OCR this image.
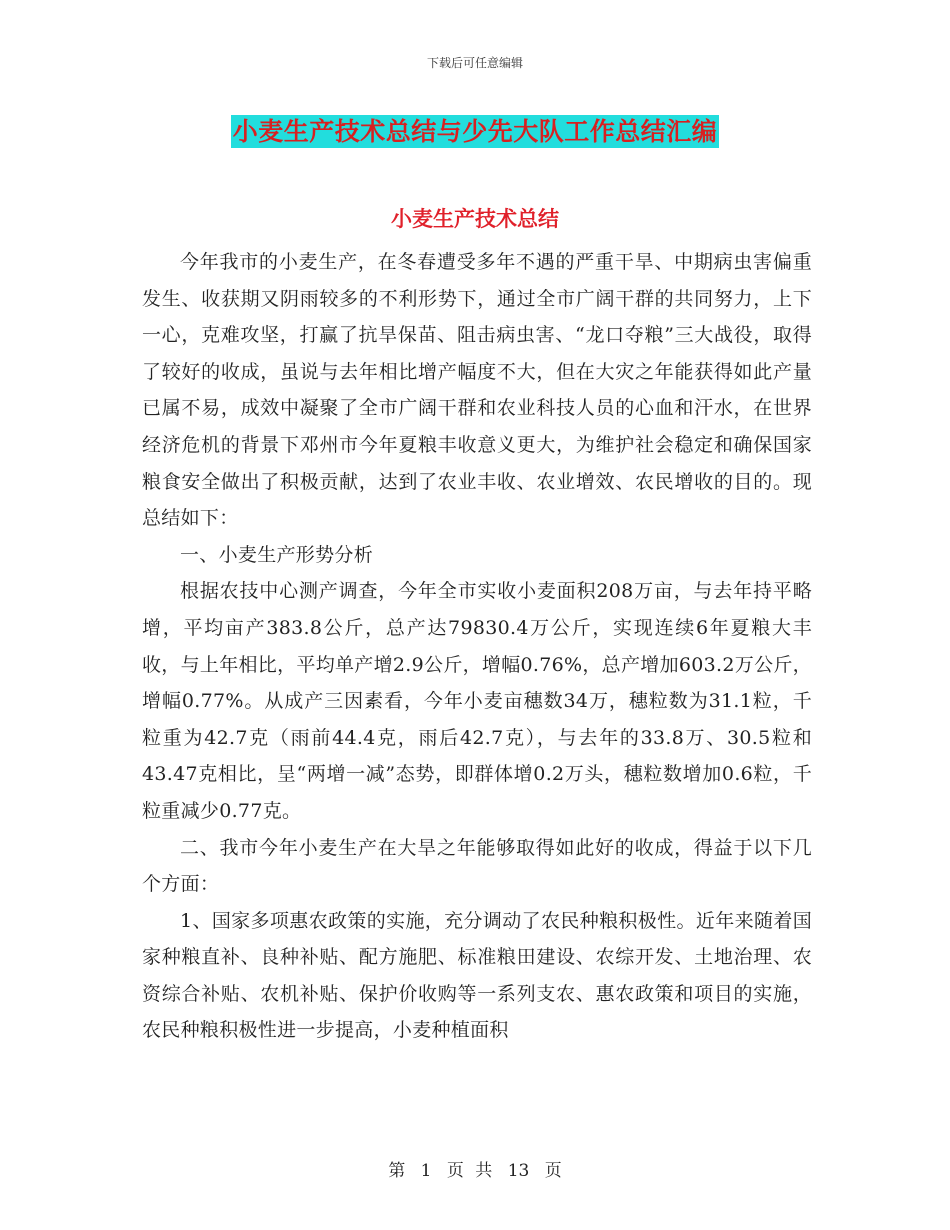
下载后可任意编辑
小麦生产技术总结与少先大队工作总结汇编
小麦生产技术总结

今年我市的小麦生产，在冬春遭受多年不遇的严重干旱、中期病虫害偏重发生、收获期又阴雨较多的不利形势下，通过全市广阔干群的共同努力，上下一心，克难攻坚，打赢了抗旱保苗、阻击病虫害、“龙口夺粮”三大战役，取得了较好的收成，虽说与去年相比增产幅度不大，但在大灾之年能获得如此产量已属不易，成效中凝聚了全市广阔干群和农业科技人员的心血和汗水，在世界经济危机的背景下邓州市今年夏粮丰收意义更大，为维护社会稳定和确保国家粮食安全做出了积极贡献，达到了农业丰收、农业增效、农民增收的目的。现总结如下：

一、小麦生产形势分析

根据农技中心测产调查，今年全市实收小麦面积208万亩，与去年持平略增，平均亩产383.8公斤，总产达79830.4万公斤，实现连续6年夏粮大丰收，与上年相比，平均单产增2.9公斤，增幅0.76%，总产增加603.2万公斤，增幅0.77%。从成产三因素看，今年小麦亩穗数34万，穗粒数为31.1粒，千粒重为42.7克（雨前44.4克，雨后42.7克），与去年的33.8万、30.5粒和43.47克相比，呈“两增一减”态势，即群体增0.2万头，穗粒数增加0.6粒，千粒重减少0.77克。

二、我市今年小麦生产在大旱之年能够取得如此好的收成，得益于以下几个方面：

1、国家多项惠农政策的实施，充分调动了农民种粮积极性。近年来随着国家种粮直补、良种补贴、配方施肥、标准粮田建设、农综开发、土地治理、农资综合补贴、农机补贴、保护价收购等一系列支农、惠农政策和项目的实施，农民种粮积极性进一步提高，小麦种植面积

第 1 页 共 13 页
